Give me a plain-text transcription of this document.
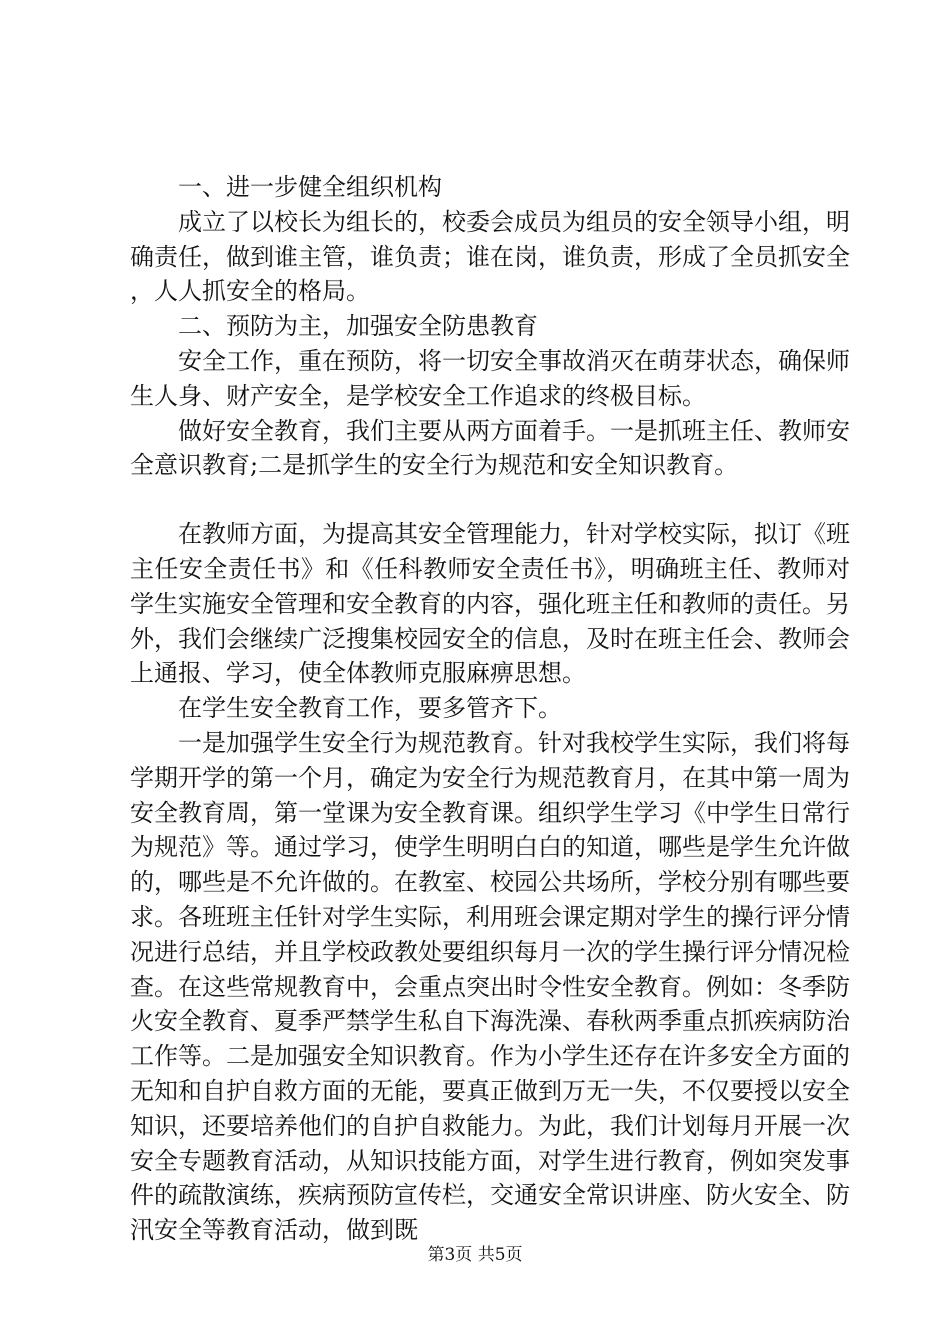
一、进一步健全组织机构

成立了以校长为组长的，校委会成员为组员的安全领导小组，明确责任，做到谁主管，谁负责；谁在岗，谁负责，形成了全员抓安全，人人抓安全的格局。

二、预防为主，加强安全防患教育

安全工作，重在预防，将一切安全事故消灭在萌芽状态，确保师生人身、财产安全，是学校安全工作追求的终极目标。

做好安全教育，我们主要从两方面着手。一是抓班主任、教师安全意识教育;二是抓学生的安全行为规范和安全知识教育。

在教师方面，为提高其安全管理能力，针对学校实际，拟订《班主任安全责任书》和《任科教师安全责任书》，明确班主任、教师对学生实施安全管理和安全教育的内容，强化班主任和教师的责任。另外，我们会继续广泛搜集校园安全的信息，及时在班主任会、教师会上通报、学习，使全体教师克服麻痹思想。

在学生安全教育工作，要多管齐下。

一是加强学生安全行为规范教育。针对我校学生实际，我们将每学期开学的第一个月，确定为安全行为规范教育月，在其中第一周为安全教育周，第一堂课为安全教育课。组织学生学习《中学生日常行为规范》等。通过学习，使学生明明白白的知道，哪些是学生允许做的，哪些是不允许做的。在教室、校园公共场所，学校分别有哪些要求。各班班主任针对学生实际，利用班会课定期对学生的操行评分情况进行总结，并且学校政教处要组织每月一次的学生操行评分情况检查。在这些常规教育中，会重点突出时令性安全教育。例如：冬季防火安全教育、夏季严禁学生私自下海洗澡、春秋两季重点抓疾病防治工作等。二是加强安全知识教育。作为小学生还存在许多安全方面的无知和自护自救方面的无能，要真正做到万无一失，不仅要授以安全知识，还要培养他们的自护自救能力。为此，我们计划每月开展一次安全专题教育活动，从知识技能方面，对学生进行教育，例如突发事件的疏散演练，疾病预防宣传栏，交通安全常识讲座、防火安全、防汛安全等教育活动，做到既

第3页 共5页
